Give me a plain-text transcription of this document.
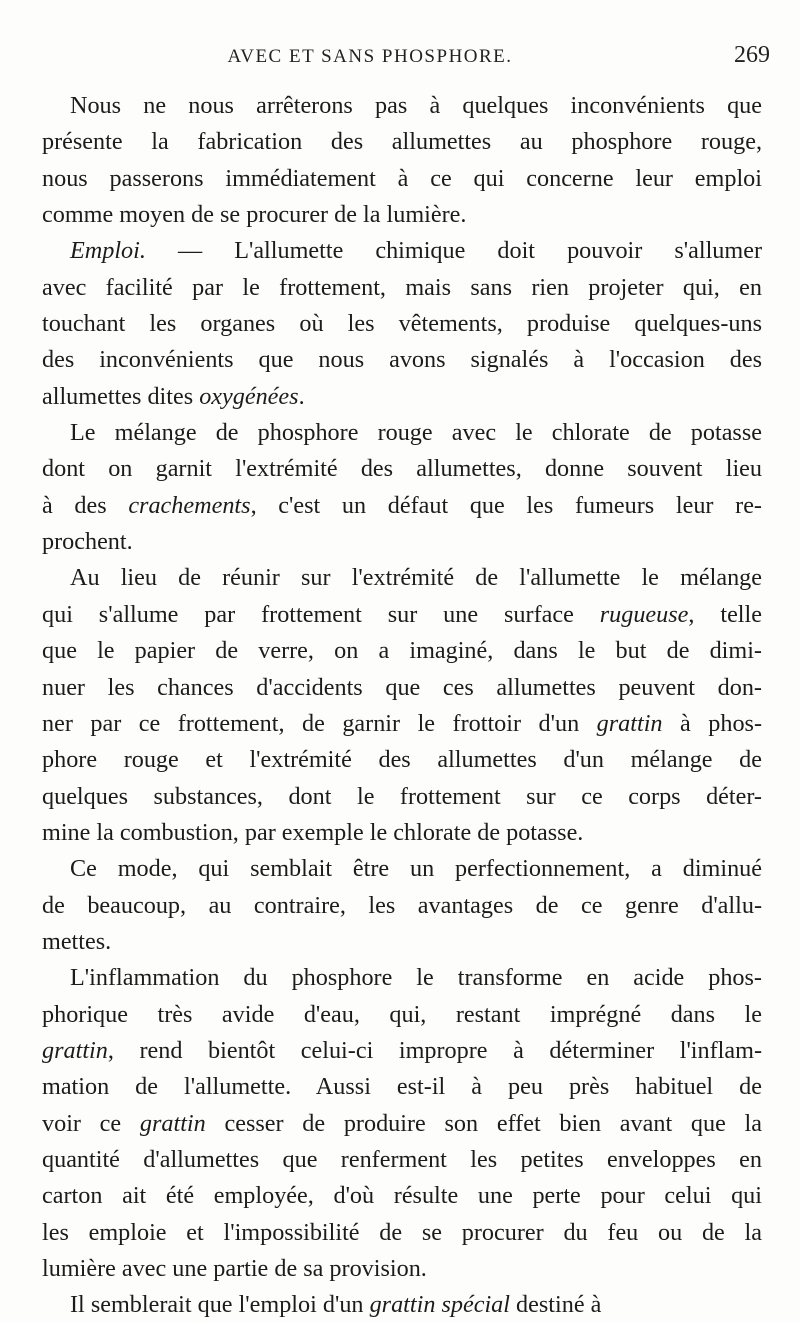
AVEC ET SANS PHOSPHORE.	269
Nous ne nous arrêterons pas à quelques inconvénients que
présente la fabrication des allumettes au phosphore rouge,
nous passerons immédiatement à ce qui concerne leur emploi
comme moyen de se procurer de la lumière.
Emploi. — L'allumette chimique doit pouvoir s'allumer
avec facilité par le frottement, mais sans rien projeter qui, en
touchant les organes où les vêtements, produise quelques-uns
des inconvénients que nous avons signalés à l'occasion des
allumettes dites oxygénées.
Le mélange de phosphore rouge avec le chlorate de potasse
dont on garnit l'extrémité des allumettes, donne souvent lieu
à des crachements, c'est un défaut que les fumeurs leur re-
prochent.
Au lieu de réunir sur l'extrémité de l'allumette le mélange
qui s'allume par frottement sur une surface rugueuse, telle
que le papier de verre, on a imaginé, dans le but de dimi-
nuer les chances d'accidents que ces allumettes peuvent don-
ner par ce frottement, de garnir le frottoir d'un grattin à phos-
phore rouge et l'extrémité des allumettes d'un mélange de
quelques substances, dont le frottement sur ce corps déter-
mine la combustion, par exemple le chlorate de potasse.
Ce mode, qui semblait être un perfectionnement, a diminué
de beaucoup, au contraire, les avantages de ce genre d'allu-
mettes.
L'inflammation du phosphore le transforme en acide phos-
phorique très avide d'eau, qui, restant imprégné dans le
grattin, rend bientôt celui-ci impropre à déterminer l'inflam-
mation de l'allumette. Aussi est-il à peu près habituel de
voir ce grattin cesser de produire son effet bien avant que la
quantité d'allumettes que renferment les petites enveloppes en
carton ait été employée, d'où résulte une perte pour celui qui
les emploie et l'impossibilité de se procurer du feu ou de la
lumière avec une partie de sa provision.
Il semblerait que l'emploi d'un grattin spécial destiné à
